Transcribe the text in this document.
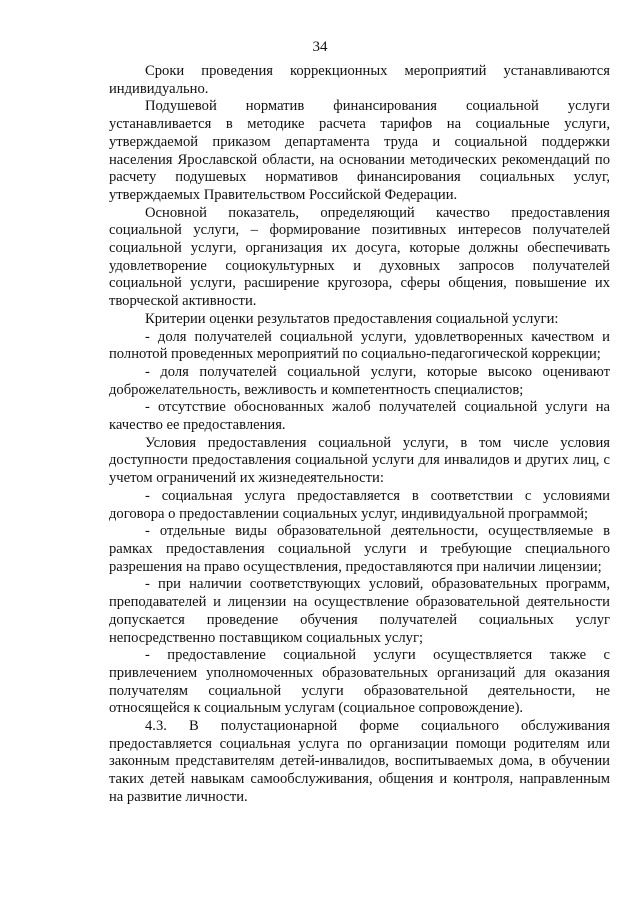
34

Сроки проведения коррекционных мероприятий устанавливаются индивидуально.

Подушевой норматив финансирования социальной услуги устанавливается в методике расчета тарифов на социальные услуги, утверждаемой приказом департамента труда и социальной поддержки населения Ярославской области, на основании методических рекомендаций по расчету подушевых нормативов финансирования социальных услуг, утверждаемых Правительством Российской Федерации.

Основной показатель, определяющий качество предоставления социальной услуги, – формирование позитивных интересов получателей социальной услуги, организация их досуга, которые должны обеспечивать удовлетворение социокультурных и духовных запросов получателей социальной услуги, расширение кругозора, сферы общения, повышение их творческой активности.

Критерии оценки результатов предоставления социальной услуги:

- доля получателей социальной услуги, удовлетворенных качеством и полнотой проведенных мероприятий по социально-педагогической коррекции;

- доля получателей социальной услуги, которые высоко оценивают доброжелательность, вежливость и компетентность специалистов;

- отсутствие обоснованных жалоб получателей социальной услуги на качество ее предоставления.

Условия предоставления социальной услуги, в том числе условия доступности предоставления социальной услуги для инвалидов и других лиц, с учетом ограничений их жизнедеятельности:

- социальная услуга предоставляется в соответствии с условиями договора о предоставлении социальных услуг, индивидуальной программой;

- отдельные виды образовательной деятельности, осуществляемые в рамках предоставления социальной услуги и требующие специального разрешения на право осуществления, предоставляются при наличии лицензии;

- при наличии соответствующих условий, образовательных программ, преподавателей и лицензии на осуществление образовательной деятельности допускается проведение обучения получателей социальных услуг непосредственно поставщиком социальных услуг;

- предоставление социальной услуги осуществляется также с привлечением уполномоченных образовательных организаций для оказания получателям социальной услуги образовательной деятельности, не относящейся к социальным услугам (социальное сопровождение).

4.3. В полустационарной форме социального обслуживания предоставляется социальная услуга по организации помощи родителям или законным представителям детей-инвалидов, воспитываемых дома, в обучении таких детей навыкам самообслуживания, общения и контроля, направленным на развитие личности.
